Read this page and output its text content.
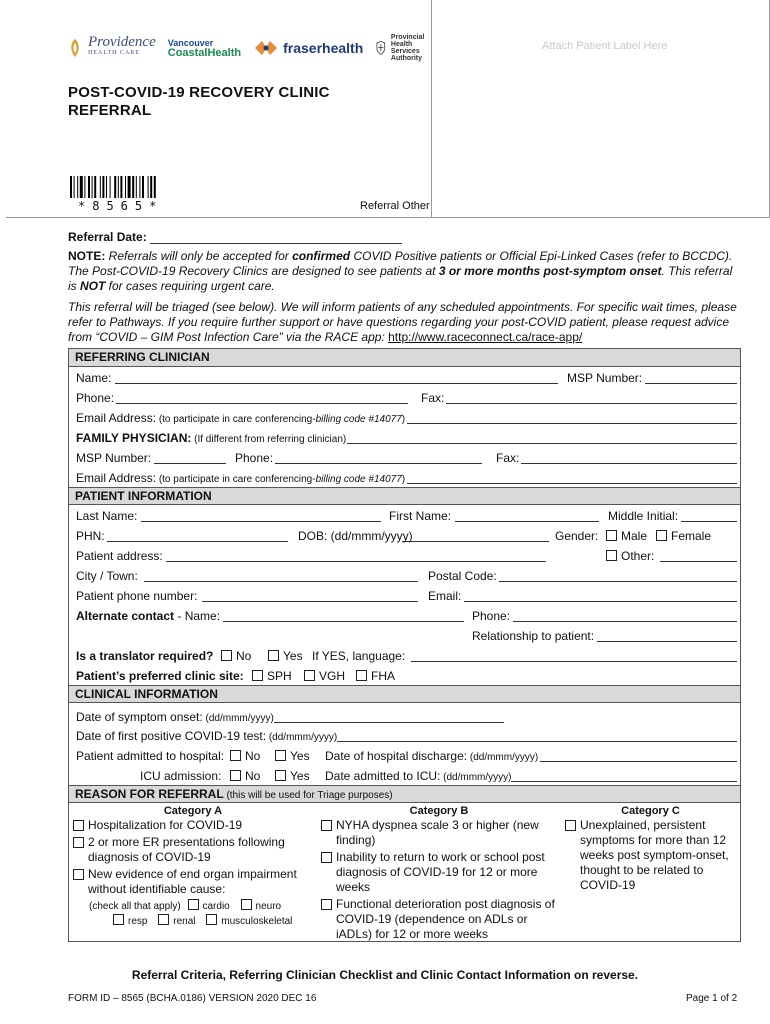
Providence
HEALTH CARE
Vancouver
CoastalHealth	fraserhealth
Provincial Health
Services Authority
POST-COVID-19 RECOVERY CLINIC
REFERRAL
*8565*	Referral Other
Attach Patient Label Here
Referral Date:
NOTE: Referrals will only be accepted for confirmed COVID Positive patients or Official Epi-Linked Cases (refer to BCCDC). The Post-COVID-19 Recovery Clinics are designed to see patients at 3 or more months post-symptom onset. This referral is NOT for cases requiring urgent care.
This referral will be triaged (see below). We will inform patients of any scheduled appointments. For specific wait times, please refer to Pathways. If you require further support or have questions regarding your post-COVID patient, please request advice from “COVID – GIM Post Infection Care” via the RACE app: http://www.raceconnect.ca/race-app/
REFERRING CLINICIAN
Name:	MSP Number:
Phone:	Fax:
Email Address: (to participate in care conferencing-billing code #14077)
FAMILY PHYSICIAN: (If different from referring clinician)
MSP Number:	Phone:	Fax:
Email Address: (to participate in care conferencing-billing code #14077)
PATIENT INFORMATION
Last Name:	First Name:	Middle Initial:
PHN:	DOB: (dd/mmm/yyyy)	Gender:	Male	Female
Patient address:	Other:
City / Town:	Postal Code:
Patient phone number:	Email:
Alternate contact - Name:	Phone:
Relationship to patient:
Is a translator required?	No	Yes If YES, language:
Patient’s preferred clinic site:	SPH	VGH	FHA
CLINICAL INFORMATION
Date of symptom onset: (dd/mmm/yyyy)
Date of first positive COVID-19 test: (dd/mmm/yyyy)
Patient admitted to hospital:	No	Yes Date of hospital discharge: (dd/mmm/yyyy)
ICU admission:	No	Yes Date admitted to ICU: (dd/mmm/yyyy)
REASON FOR REFERRAL (this will be used for Triage purposes)
Category A
Hospitalization for COVID-19
2 or more ER presentations following diagnosis of COVID-19
New evidence of end organ impairment without identifiable cause:
(check all that apply) cardio	neuro
resp	renal	musculoskeletal
Category B
NYHA dyspnea scale 3 or higher (new finding)
Inability to return to work or school post diagnosis of COVID-19 for 12 or more weeks
Functional deterioration post diagnosis of COVID-19 (dependence on ADLs or iADLs) for 12 or more weeks
Category C
Unexplained, persistent symptoms for more than 12 weeks post symptom-onset, thought to be related to COVID-19
Referral Criteria, Referring Clinician Checklist and Clinic Contact Information on reverse.
FORM ID – 8565 (BCHA.0186) VERSION 2020 DEC 16	Page 1 of 2
